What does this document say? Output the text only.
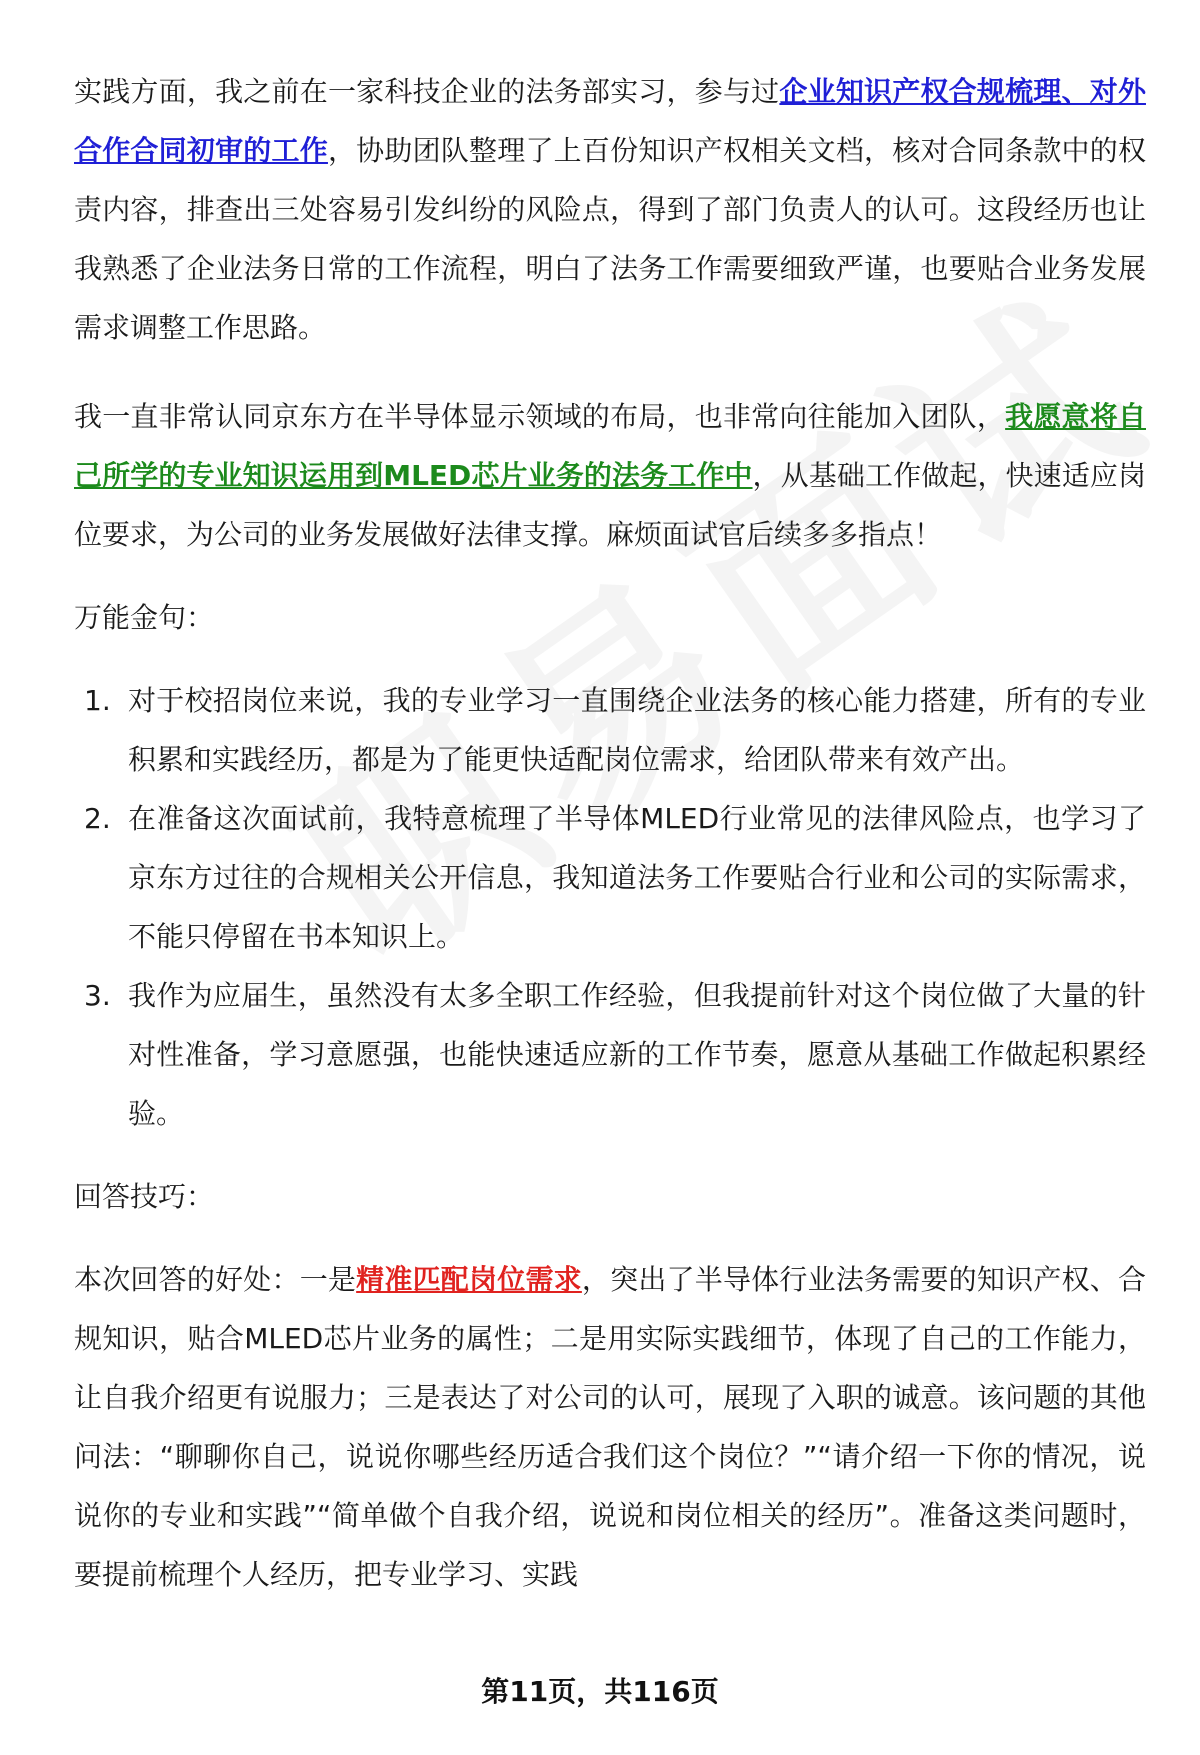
实践方面，我之前在一家科技企业的法务部实习，参与过企业知识产权合规梳理、对外合作合同初审的工作，协助团队整理了上百份知识产权相关文档，核对合同条款中的权责内容，排查出三处容易引发纠纷的风险点，得到了部门负责人的认可。这段经历也让我熟悉了企业法务日常的工作流程，明白了法务工作需要细致严谨，也要贴合业务发展需求调整工作思路。

我一直非常认同京东方在半导体显示领域的布局，也非常向往能加入团队，我愿意将自己所学的专业知识运用到MLED芯片业务的法务工作中，从基础工作做起，快速适应岗位要求，为公司的业务发展做好法律支撑。麻烦面试官后续多多指点！

万能金句：

1. 对于校招岗位来说，我的专业学习一直围绕企业法务的核心能力搭建，所有的专业积累和实践经历，都是为了能更快适配岗位需求，给团队带来有效产出。
2. 在准备这次面试前，我特意梳理了半导体MLED行业常见的法律风险点，也学习了京东方过往的合规相关公开信息，我知道法务工作要贴合行业和公司的实际需求，不能只停留在书本知识上。
3. 我作为应届生，虽然没有太多全职工作经验，但我提前针对这个岗位做了大量的针对性准备，学习意愿强，也能快速适应新的工作节奏，愿意从基础工作做起积累经验。

回答技巧：

本次回答的好处：一是精准匹配岗位需求，突出了半导体行业法务需要的知识产权、合规知识，贴合MLED芯片业务的属性；二是用实际实践细节，体现了自己的工作能力，让自我介绍更有说服力；三是表达了对公司的认可，展现了入职的诚意。该问题的其他问法：“聊聊你自己，说说你哪些经历适合我们这个岗位？”“请介绍一下你的情况，说说你的专业和实践”“简单做个自我介绍，说说和岗位相关的经历”。准备这类问题时，要提前梳理个人经历，把专业学习、实践

第11页，共116页
